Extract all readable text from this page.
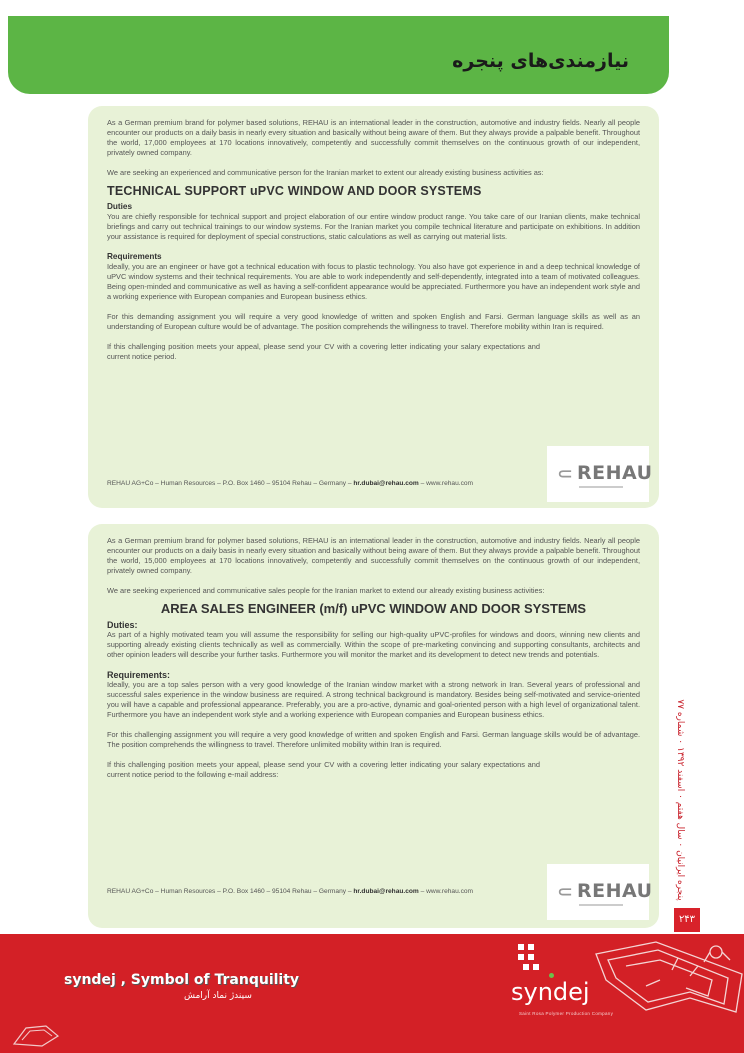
نیازمندی‌های پنجره

As a German premium brand for polymer based solutions, REHAU is an international leader in the construction, automotive and industry fields. Nearly all people encounter our products on a daily basis in nearly every situation and basically without being aware of them. But they always provide a palpable benefit. Throughout the world, 17,000 employees at 170 locations innovatively, competently and successfully commit themselves on the continuous growth of our independent, privately owned company.

We are seeking an experienced and communicative person for the Iranian market to extent our already existing business activities as:

TECHNICAL SUPPORT uPVC WINDOW AND DOOR SYSTEMS
Duties

You are chiefly responsible for technical support and project elaboration of our entire window product range. You take care of our Iranian clients, make technical briefings and carry out technical trainings to our window systems. For the Iranian market you compile technical literature and participate on exhibitions. In addition your assistance is required for deployment of special constructions, static calculations as well as carrying out material lists.

Requirements

Ideally, you are an engineer or have got a technical education with focus to plastic technology. You also have got experience in and a deep technical knowledge of uPVC window systems and their technical requirements. You are able to work independently and self-dependently, integrated into a team of motivated colleagues. Being open-minded and communicative as well as having a self-confident appearance would be appreciated. Furthermore you have an independent work style and a working experience with European companies and European business ethics.

For this demanding assignment you will require a very good knowledge of written and spoken English and Farsi. German language skills as well as an understanding of European culture would be of advantage. The position comprehends the willingness to travel. Therefore mobility within Iran is required.

If this challenging position meets your appeal, please send your CV with a covering letter indicating your salary expectations and current notice period.

REHAU AG+Co – Human Resources – P.O. Box 1460 – 95104 Rehau – Germany – hr.dubai@rehau.com – www.rehau.com	⸦ REHAU

As a German premium brand for polymer based solutions, REHAU is an international leader in the construction, automotive and industry fields. Nearly all people encounter our products on a daily basis in nearly every situation and basically without being aware of them. But they always provide a palpable benefit. Throughout the world, 15,000 employees at 170 locations innovatively, competently and successfully commit themselves on the continuous growth of our independent, privately owned company.

We are seeking experienced and communicative sales people for the Iranian market to extend our already existing business activities:

AREA SALES ENGINEER (m/f) uPVC WINDOW AND DOOR SYSTEMS
Duties:

As part of a highly motivated team you will assume the responsibility for selling our high-quality uPVC-profiles for windows and doors, winning new clients and supporting already existing clients technically as well as commercially. Within the scope of pre-marketing convincing and supporting consultants, architects and other opinion leaders will describe your further tasks. Furthermore you will monitor the market and its development to detect new trends and potentials.

Requirements:

Ideally, you are a top sales person with a very good knowledge of the Iranian window market with a strong network in Iran. Several years of professional and successful sales experience in the window business are required. A strong technical background is mandatory. Besides being self-motivated and service-oriented you will have a capable and professional appearance. Preferably, you are a pro-active, dynamic and goal-oriented person with a high level of organizational talent. Furthermore you have an independent work style and a working experience with European companies and European business ethics.

For this challenging assignment you will require a very good knowledge of written and spoken English and Farsi. German language skills would be of advantage. The position comprehends the willingness to travel. Therefore unlimited mobility within Iran is required.

If this challenging position meets your appeal, please send your CV with a covering letter indicating your salary expectations and current notice period to the following e-mail address:

REHAU AG+Co – Human Resources – P.O. Box 1460 – 95104 Rehau – Germany – hr.dubai@rehau.com – www.rehau.com	⸦ REHAU
پنجره ایرانیان ۰ سال هفتم ۰ اسفند ۱۳۹۲ ۰ شماره ۷۷
۲۴۳
syndej , Symbol of Tranquility
سیندژ نماد آرامش	syndej
Saint Rosa Polymer Production Company
